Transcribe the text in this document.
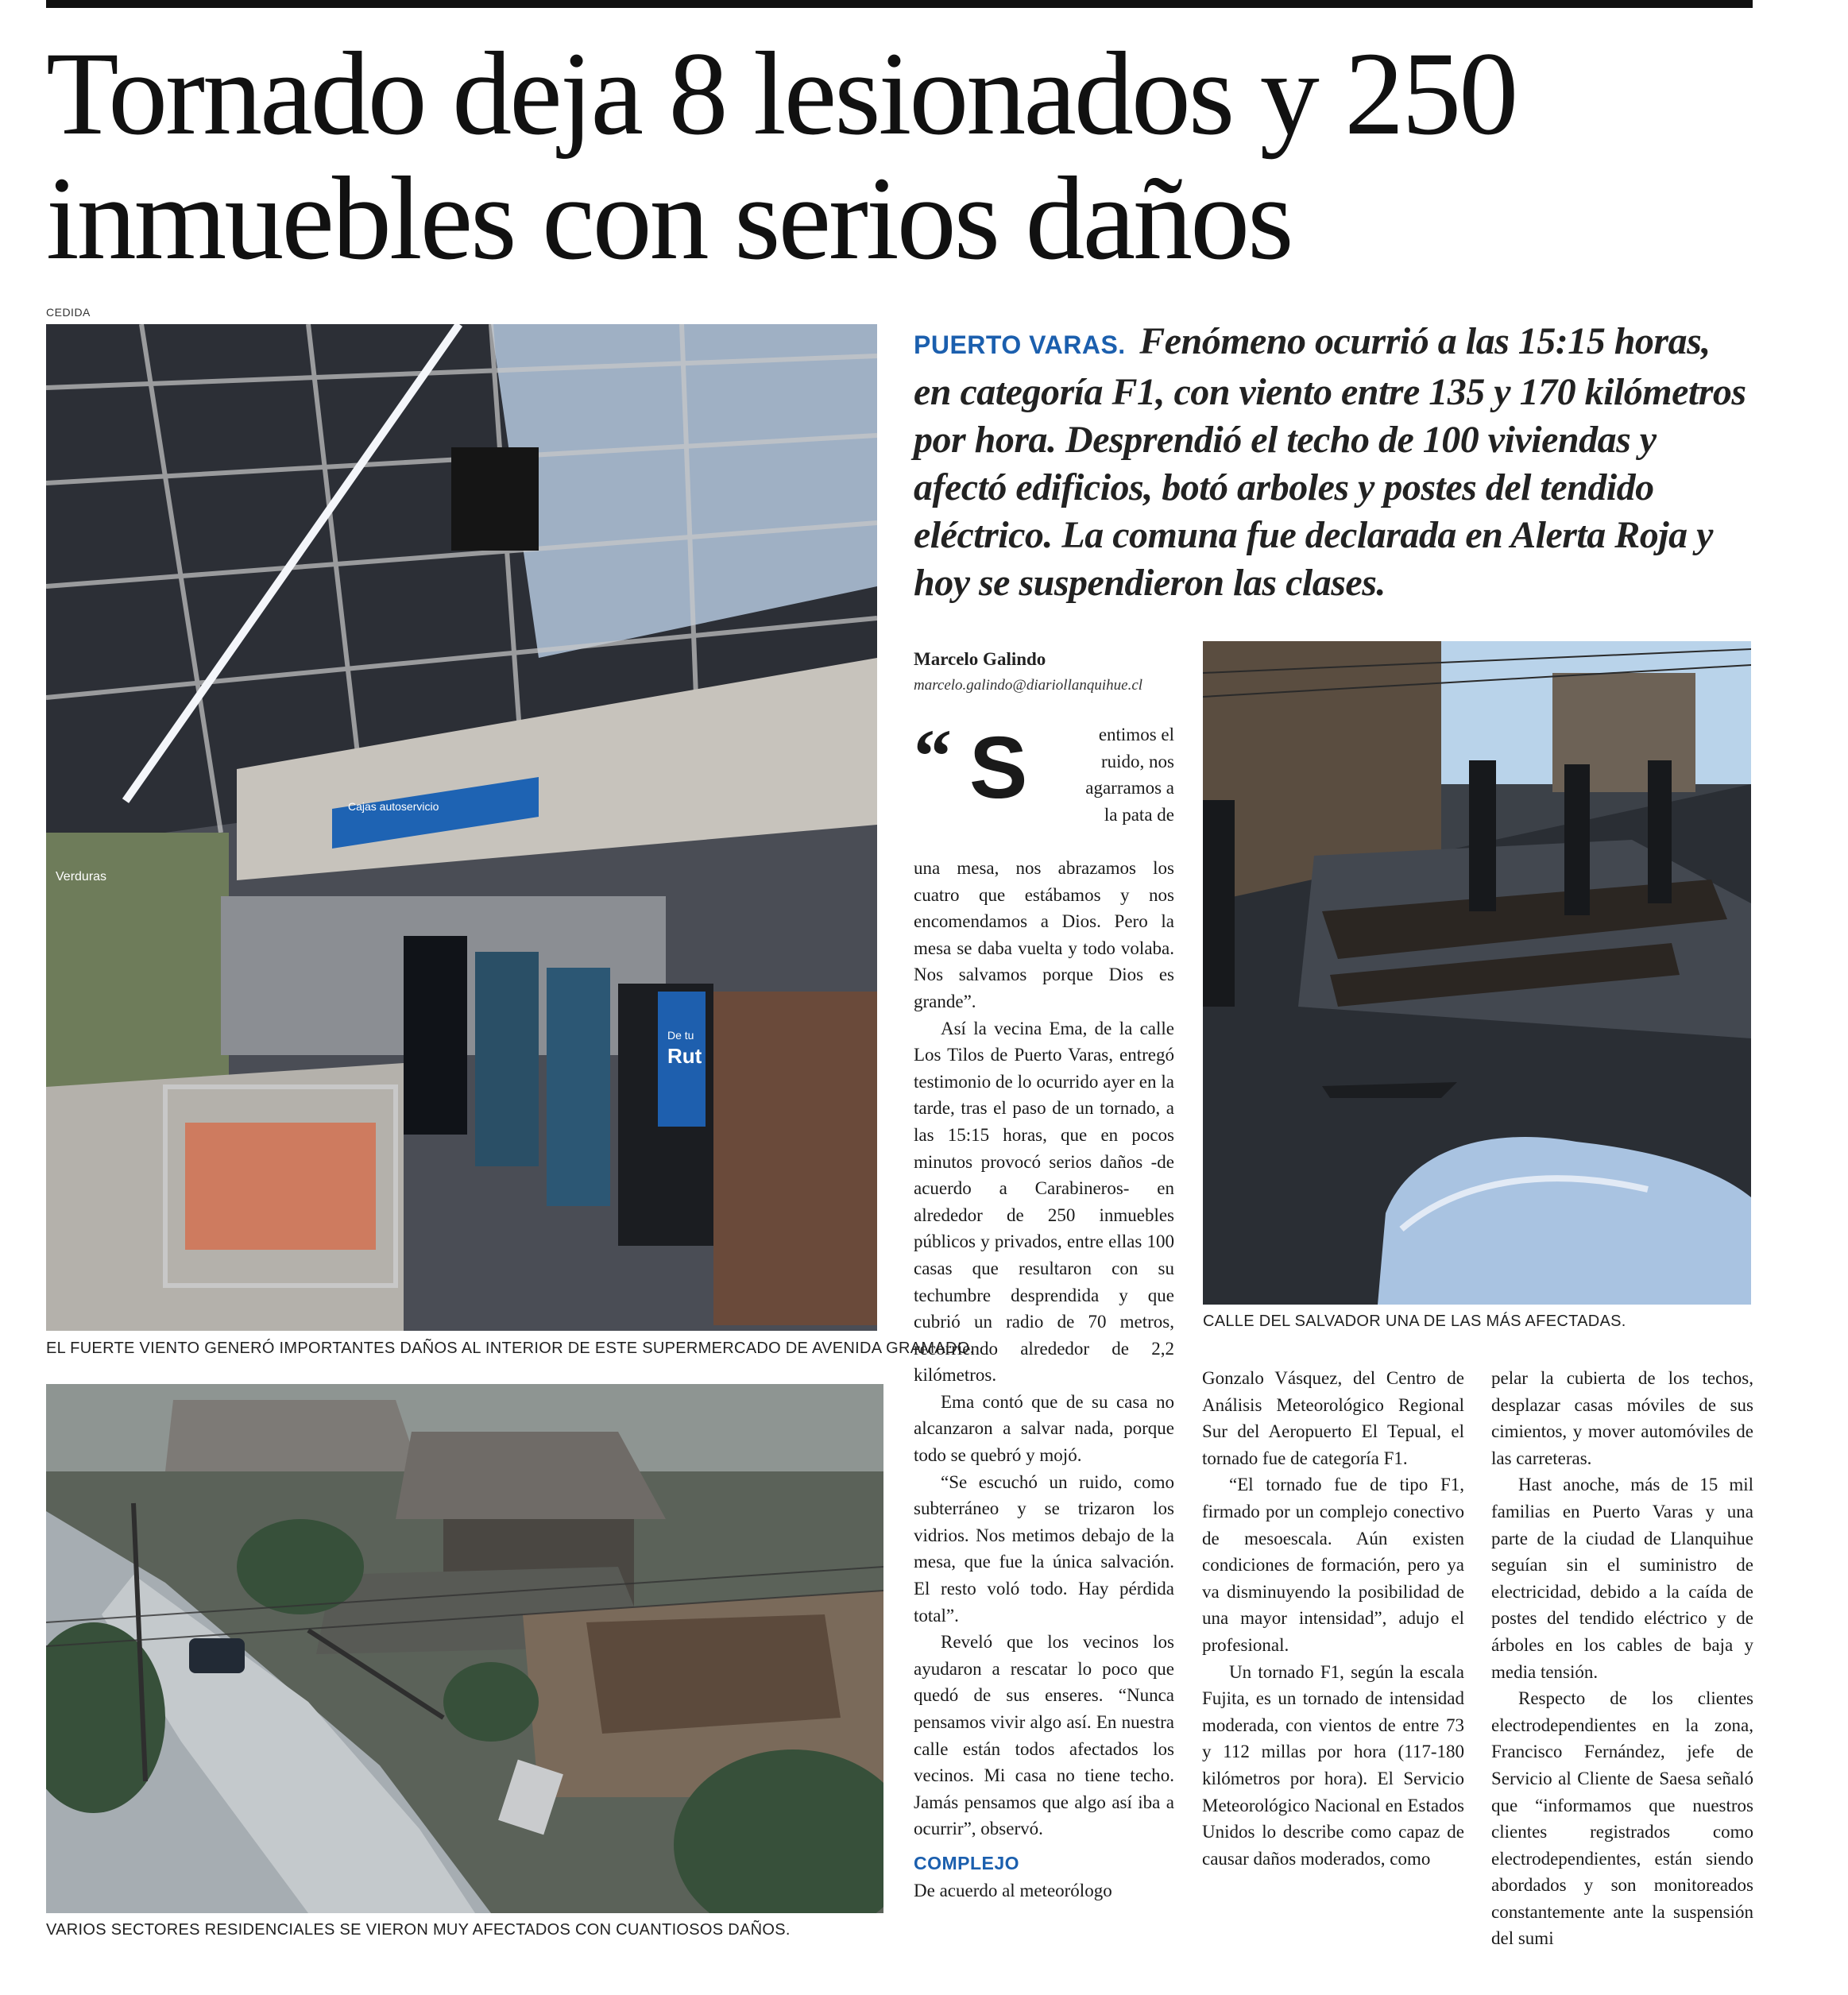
Tornado deja 8 lesionados y 250 inmuebles con serios daños
CEDIDA
Verduras
Cajas autoservicio
De tu
Rut

EL FUERTE VIENTO GENERÓ IMPORTANTES DAÑOS AL INTERIOR DE ESTE SUPERMERCADO DE AVENIDA GRAMADO.

CALLE DEL SALVADOR UNA DE LAS MÁS AFECTADAS.

VARIOS SECTORES RESIDENCIALES SE VIERON MUY AFECTADOS CON CUANTIOSOS DAÑOS.

PUERTO VARAS. Fenómeno ocurrió a las 15:15 horas, en categoría F1, con viento entre 135 y 170 kilómetros por hora. Desprendió el techo de 100 viviendas y afectó edificios, botó arboles y postes del tendido eléctrico. La comuna fue declarada en Alerta Roja y hoy se suspendieron las clases.

Marcelo Galindo

marcelo.galindo@diariollanquihue.cl

“ S	entimos el
ruido, nos
agarramos a
la pata de

una mesa, nos abrazamos los cuatro que estábamos y nos encomendamos a Dios. Pero la mesa se daba vuelta y todo volaba. Nos salvamos porque Dios es grande”.

Así la vecina Ema, de la calle Los Tilos de Puerto Varas, entregó testimonio de lo ocurrido ayer en la tarde, tras el paso de un tornado, a las 15:15 horas, que en pocos minutos provocó serios daños -de acuerdo a Carabineros- en alrededor de 250 inmuebles públicos y privados, entre ellas 100 casas que resultaron con su techumbre desprendida y que cubrió un radio de 70 metros, recorriendo alrededor de 2,2 kilómetros.

Ema contó que de su casa no alcanzaron a salvar nada, porque todo se quebró y mojó.

“Se escuchó un ruido, como subterráneo y se trizaron los vidrios. Nos metimos debajo de la mesa, que fue la única salvación. El resto voló todo. Hay pérdida total”.

Reveló que los vecinos los ayudaron a rescatar lo poco que quedó de sus enseres. “Nunca pensamos vivir algo así. En nuestra calle están todos afectados los vecinos. Mi casa no tiene techo. Jamás pensamos que algo así iba a ocurrir”, observó.

COMPLEJO

De acuerdo al meteorólogo

Gonzalo Vásquez, del Centro de Análisis Meteorológico Regional Sur del Aeropuerto El Tepual, el tornado fue de categoría F1.

“El tornado fue de tipo F1, firmado por un complejo conectivo de mesoescala. Aún existen condiciones de formación, pero ya va disminuyendo la posibilidad de una mayor intensidad”, adujo el profesional.

Un tornado F1, según la escala Fujita, es un tornado de intensidad moderada, con vientos de entre 73 y 112 millas por hora (117-180 kilómetros por hora). El Servicio Meteorológico Nacional en Estados Unidos lo describe como capaz de causar daños moderados, como

pelar la cubierta de los techos, desplazar casas móviles de sus cimientos, y mover automóviles de las carreteras.

Hast anoche, más de 15 mil familias en Puerto Varas y una parte de la ciudad de Llanquihue seguían sin el suministro de electricidad, debido a la caída de postes del tendido eléctrico y de árboles en los cables de baja y media tensión.

Respecto de los clientes electrodependientes en la zona, Francisco Fernández, jefe de Servicio al Cliente de Saesa señaló que “informamos que nuestros clientes registrados como electrodependientes, están siendo abordados y son monitoreados constantemente ante la suspensión del sumi
